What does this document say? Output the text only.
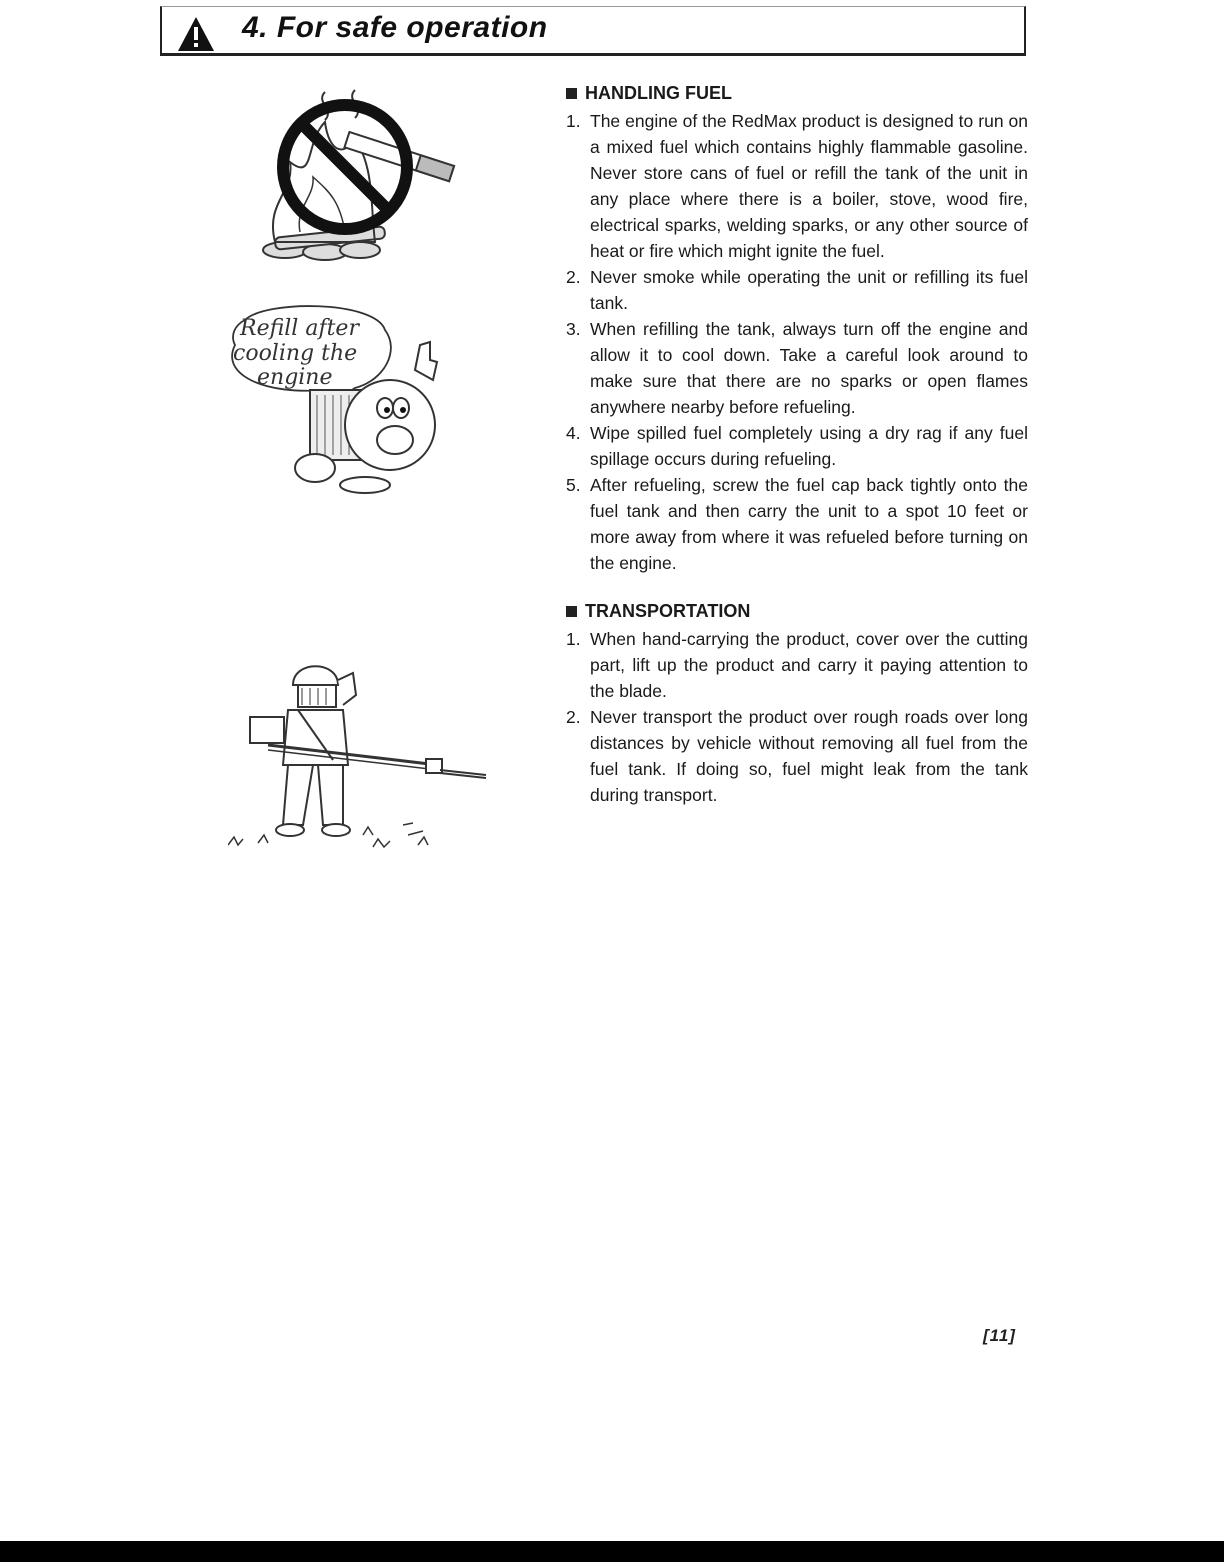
4. For safe operation
Refill after
cooling the
engine
HANDLING FUEL
1. The engine of the RedMax product is designed to run on a mixed fuel which contains highly flammable gasoline. Never store cans of fuel or refill the tank of the unit in any place where there is a boiler, stove, wood fire, electrical sparks, welding sparks, or any other source of heat or fire which might ignite the fuel.
2. Never smoke while operating the unit or refilling its fuel tank.
3. When refilling the tank, always turn off the engine and allow it to cool down. Take a careful look around to make sure that there are no sparks or open flames anywhere nearby before refueling.
4. Wipe spilled fuel completely using a dry rag if any fuel spillage occurs during refueling.
5. After refueling, screw the fuel cap back tightly onto the fuel tank and then carry the unit to a spot 10 feet or more away from where it was refueled before turning on the engine.
TRANSPORTATION
1. When hand-carrying the product, cover over the cutting part, lift up the product and carry it paying attention to the blade.
2. Never transport the product over rough roads over long distances by vehicle without removing all fuel from the fuel tank. If doing so, fuel might leak from the tank during transport.
[11]
